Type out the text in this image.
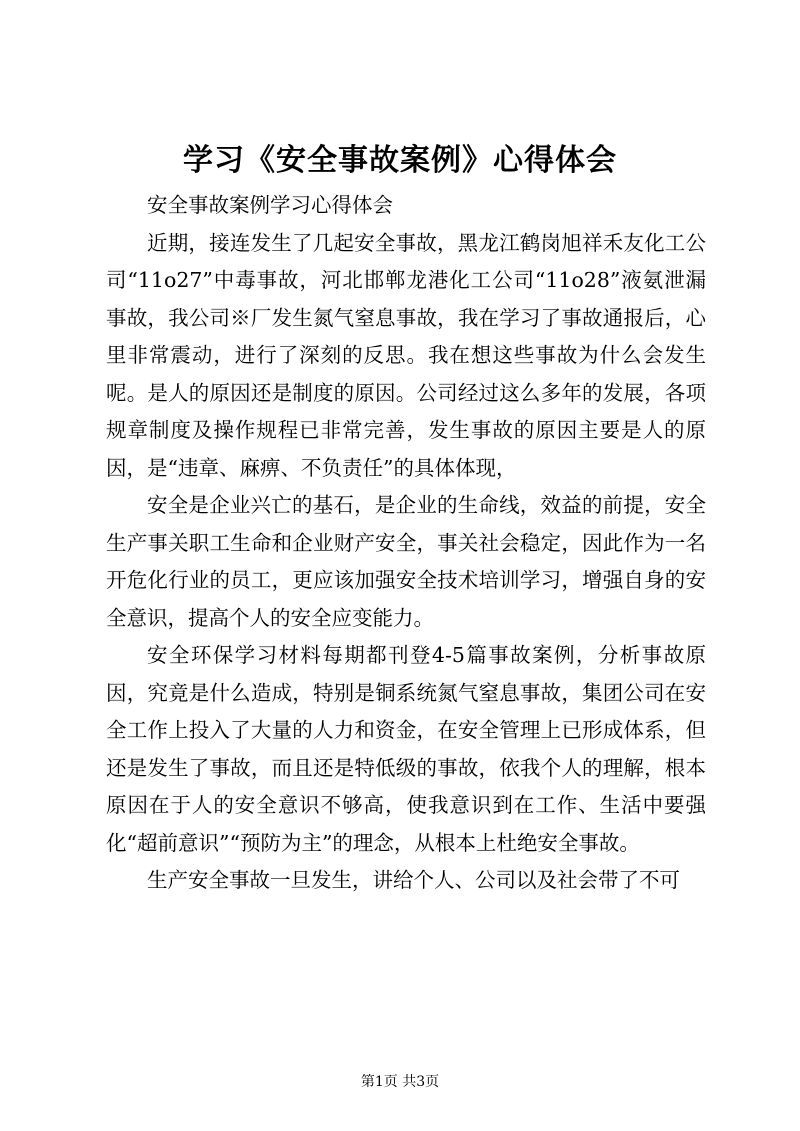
学习《安全事故案例》心得体会

安全事故案例学习心得体会

近期，接连发生了几起安全事故，黑龙江鹤岗旭祥禾友化工公司“11o27”中毒事故，河北邯郸龙港化工公司“11o28”液氨泄漏事故，我公司※厂发生氮气窒息事故，我在学习了事故通报后，心里非常震动，进行了深刻的反思。我在想这些事故为什么会发生呢。是人的原因还是制度的原因。公司经过这么多年的发展，各项规章制度及操作规程已非常完善，发生事故的原因主要是人的原因，是“违章、麻痹、不负责任”的具体体现，

安全是企业兴亡的基石，是企业的生命线，效益的前提，安全生产事关职工生命和企业财产安全，事关社会稳定，因此作为一名开危化行业的员工，更应该加强安全技术培训学习，增强自身的安全意识，提高个人的安全应变能力。

安全环保学习材料每期都刊登4-5篇事故案例，分析事故原因，究竟是什么造成，特别是铜系统氮气窒息事故，集团公司在安全工作上投入了大量的人力和资金，在安全管理上已形成体系，但还是发生了事故，而且还是特低级的事故，依我个人的理解，根本原因在于人的安全意识不够高，使我意识到在工作、生活中要强化“超前意识”“预防为主”的理念，从根本上杜绝安全事故。

生产安全事故一旦发生，讲给个人、公司以及社会带了不可

第1页 共3页
